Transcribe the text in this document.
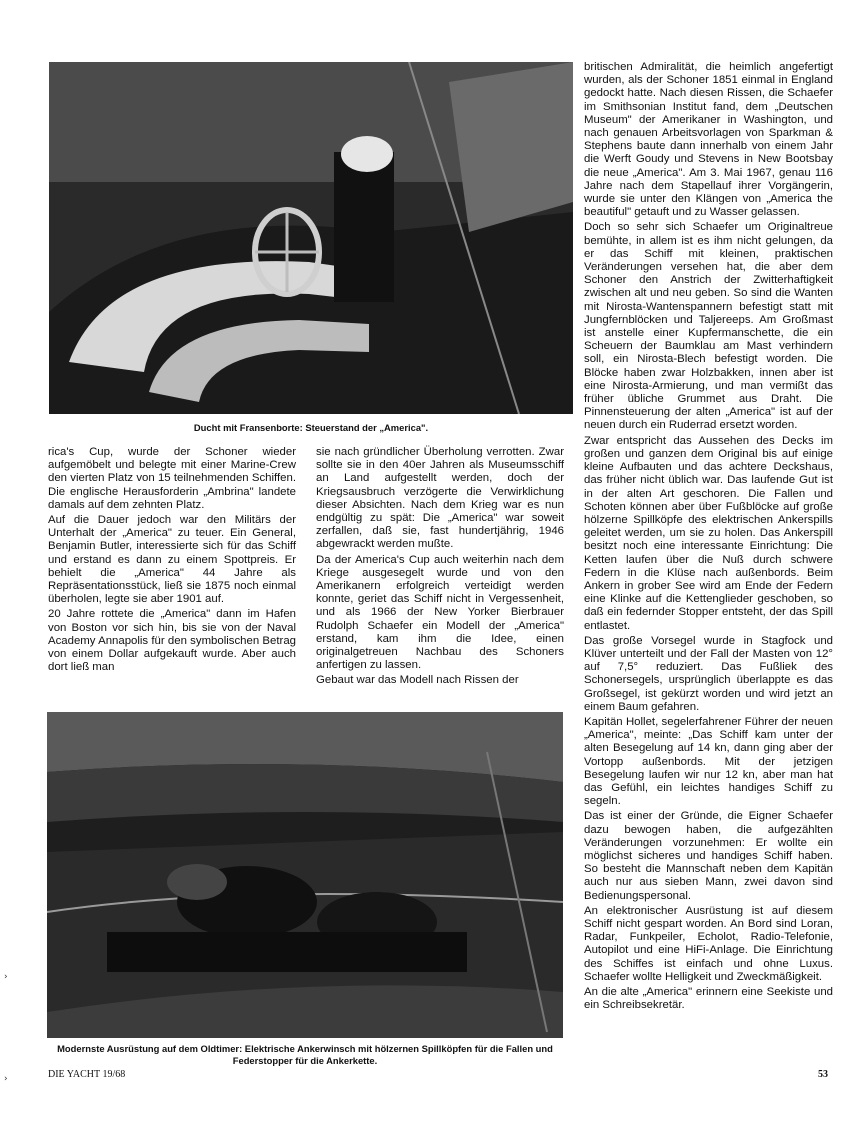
Ducht mit Fransenborte: Steuerstand der „America".

rica's Cup, wurde der Schoner wieder aufgemöbelt und belegte mit einer Marine-Crew den vierten Platz von 15 teilnehmenden Schiffen. Die englische Herausforderin „Ambrina" landete damals auf dem zehnten Platz.

Auf die Dauer jedoch war den Militärs der Unterhalt der „America" zu teuer. Ein General, Benjamin Butler, interessierte sich für das Schiff und erstand es dann zu einem Spottpreis. Er behielt die „America" 44 Jahre als Repräsentationsstück, ließ sie 1875 noch einmal überholen, legte sie aber 1901 auf.

20 Jahre rottete die „America" dann im Hafen von Boston vor sich hin, bis sie von der Naval Academy Annapolis für den symbolischen Betrag von einem Dollar aufgekauft wurde. Aber auch dort ließ man

sie nach gründlicher Überholung verrotten. Zwar sollte sie in den 40er Jahren als Museumsschiff an Land aufgestellt werden, doch der Kriegsausbruch verzögerte die Verwirklichung dieser Absichten. Nach dem Krieg war es nun endgültig zu spät: Die „America" war soweit zerfallen, daß sie, fast hundertjährig, 1946 abgewrackt werden mußte.

Da der America's Cup auch weiterhin nach dem Kriege ausgesegelt wurde und von den Amerikanern erfolgreich verteidigt werden konnte, geriet das Schiff nicht in Vergessenheit, und als 1966 der New Yorker Bierbrauer Rudolph Schaefer ein Modell der „America" erstand, kam ihm die Idee, einen originalgetreuen Nachbau des Schoners anfertigen zu lassen.

Gebaut war das Modell nach Rissen der

Modernste Ausrüstung auf dem Oldtimer: Elektrische Ankerwinsch mit hölzernen Spillköpfen für die Fallen und Federstopper für die Ankerkette.

britischen Admiralität, die heimlich angefertigt wurden, als der Schoner 1851 einmal in England gedockt hatte. Nach diesen Rissen, die Schaefer im Smithsonian Institut fand, dem „Deutschen Museum" der Amerikaner in Washington, und nach genauen Arbeitsvorlagen von Sparkman & Stephens baute dann innerhalb von einem Jahr die Werft Goudy und Stevens in New Bootsbay die neue „America". Am 3. Mai 1967, genau 116 Jahre nach dem Stapellauf ihrer Vorgängerin, wurde sie unter den Klängen von „America the beautiful" getauft und zu Wasser gelassen.

Doch so sehr sich Schaefer um Originaltreue bemühte, in allem ist es ihm nicht gelungen, da er das Schiff mit kleinen, praktischen Veränderungen versehen hat, die aber dem Schoner den Anstrich der Zwitterhaftigkeit zwischen alt und neu geben. So sind die Wanten mit Nirosta-Wantenspannern befestigt statt mit Jungfernblöcken und Taljereeps. Am Großmast ist anstelle einer Kupfermanschette, die ein Scheuern der Baumklau am Mast verhindern soll, ein Nirosta-Blech befestigt worden. Die Blöcke haben zwar Holzbakken, innen aber ist eine Nirosta-Armierung, und man vermißt das früher übliche Grummet aus Draht. Die Pinnensteuerung der alten „America" ist auf der neuen durch ein Ruderrad ersetzt worden.

Zwar entspricht das Aussehen des Decks im großen und ganzen dem Original bis auf einige kleine Aufbauten und das achtere Deckshaus, das früher nicht üblich war. Das laufende Gut ist in der alten Art geschoren. Die Fallen und Schoten können aber über Fußblöcke auf große hölzerne Spillköpfe des elektrischen Ankerspills geleitet werden, um sie zu holen. Das Ankerspill besitzt noch eine interessante Einrichtung: Die Ketten laufen über die Nuß durch schwere Federn in die Klüse nach außenbords. Beim Ankern in grober See wird am Ende der Federn eine Klinke auf die Kettenglieder geschoben, so daß ein federnder Stopper entsteht, der das Spill entlastet.

Das große Vorsegel wurde in Stagfock und Klüver unterteilt und der Fall der Masten von 12° auf 7,5° reduziert. Das Fußliek des Schonersegels, ursprünglich überlappte es das Großsegel, ist gekürzt worden und wird jetzt an einem Baum gefahren.

Kapitän Hollet, segelerfahrener Führer der neuen „America", meinte: „Das Schiff kam unter der alten Besegelung auf 14 kn, dann ging aber der Vortopp außenbords. Mit der jetzigen Besegelung laufen wir nur 12 kn, aber man hat das Gefühl, ein leichtes handiges Schiff zu segeln.

Das ist einer der Gründe, die Eigner Schaefer dazu bewogen haben, die aufgezählten Veränderungen vorzunehmen: Er wollte ein möglichst sicheres und handiges Schiff haben. So besteht die Mannschaft neben dem Kapitän auch nur aus sieben Mann, zwei davon sind Bedienungspersonal.

An elektronischer Ausrüstung ist auf diesem Schiff nicht gespart worden. An Bord sind Loran, Radar, Funkpeiler, Echolot, Radio-Telefonie, Autopilot und eine HiFi-Anlage. Die Einrichtung des Schiffes ist einfach und ohne Luxus. Schaefer wollte Helligkeit und Zweckmäßigkeit.

An die alte „America" erinnern eine Seekiste und ein Schreibsekretär.

DIE YACHT 19/68	53
›
›
